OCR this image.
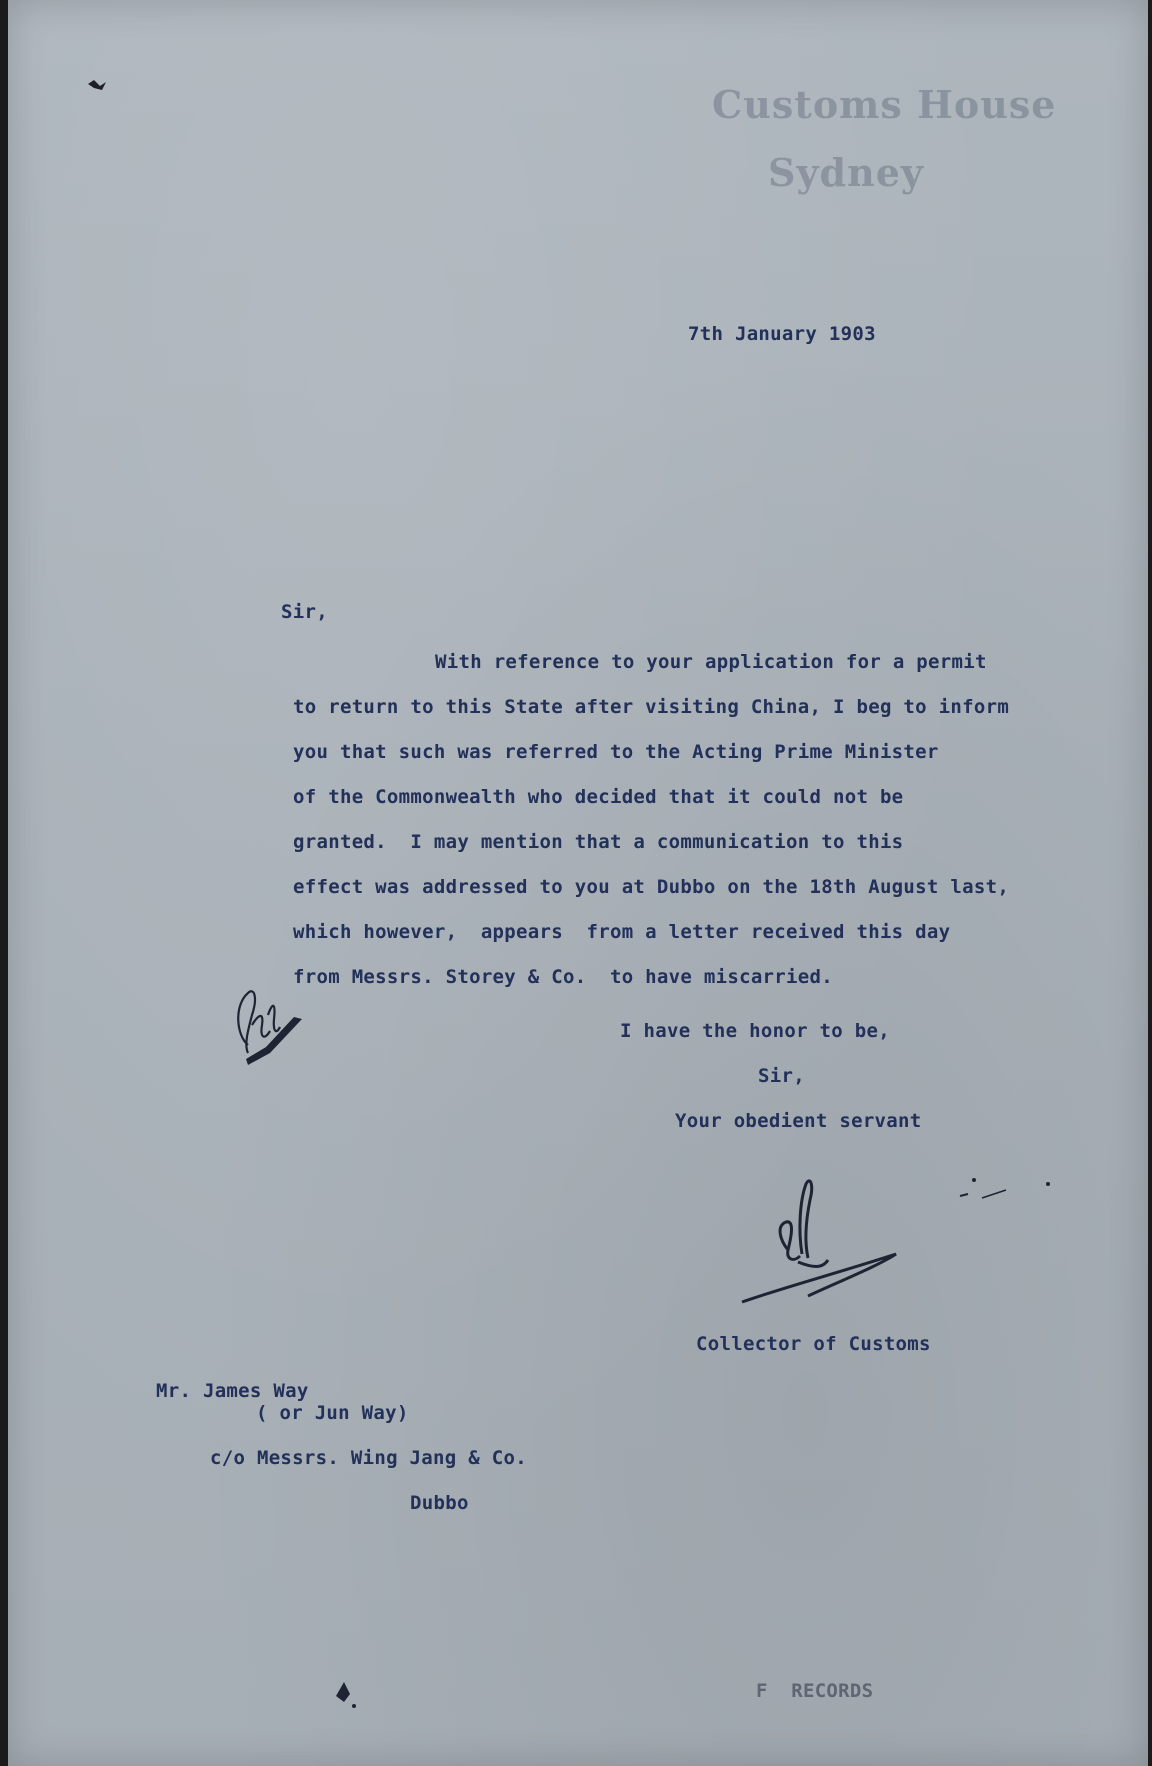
Customs House

Sydney

7th January 1903

Sir,

With reference to your application for a permit
to return to this State after visiting China, I beg to inform
you that such was referred to the Acting Prime Minister
of the Commonwealth who decided that it could not be
granted.  I may mention that a communication to this
effect was addressed to you at Dubbo on the 18th August last,
which however,  appears  from a letter received this day
from Messrs. Storey & Co.  to have miscarried.

I have the honor to be,

Sir,

Your obedient servant

Collector of Customs

Mr. James Way

( or Jun Way)

c/o Messrs. Wing Jang & Co.

Dubbo

F  RECORDS
